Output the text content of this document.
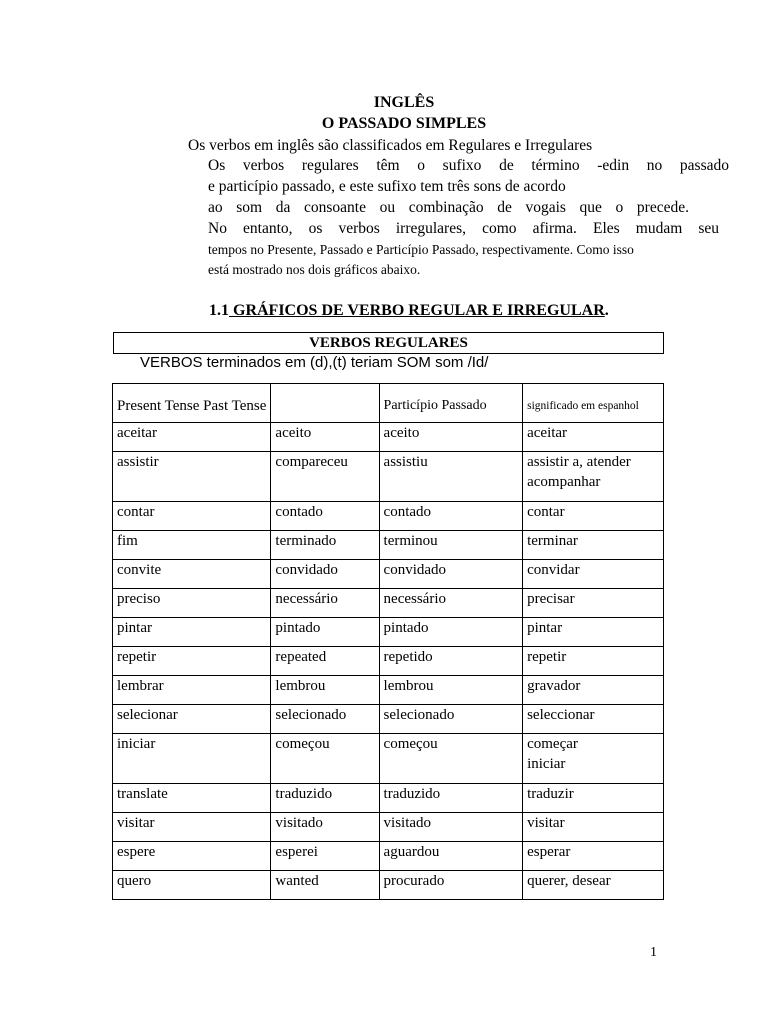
INGLÊS
O PASSADO SIMPLES
Os verbos em inglês são classificados em Regulares e Irregulares
Os verbos regulares têm o sufixo de término -edin no passado
e particípio passado, e este sufixo tem três sons de acordo
ao som da consoante ou combinação de vogais que o precede.
No entanto, os verbos irregulares, como afirma. Eles mudam seu
tempos no Presente, Passado e Particípio Passado, respectivamente. Como isso
está mostrado nos dois gráficos abaixo.
1.1 GRÁFICOS DE VERBO REGULAR E IRREGULAR.
VERBOS REGULARES
VERBOS terminados em (d),(t) teriam SOM som /Id/
Present Tense Past Tense		Particípio Passado	significado em espanhol
aceitar	aceito	aceito	aceitar
assistir	compareceu	assistiu	assistir a, atender
acompanhar
contar	contado	contado	contar
fim	terminado	terminou	terminar
convite	convidado	convidado	convidar
preciso	necessário	necessário	precisar
pintar	pintado	pintado	pintar
repetir	repeated	repetido	repetir
lembrar	lembrou	lembrou	gravador
selecionar	selecionado	selecionado	seleccionar
iniciar	começou	começou	começar
iniciar
translate	traduzido	traduzido	traduzir
visitar	visitado	visitado	visitar
espere	esperei	aguardou	esperar
quero	wanted	procurado	querer, desear
1
